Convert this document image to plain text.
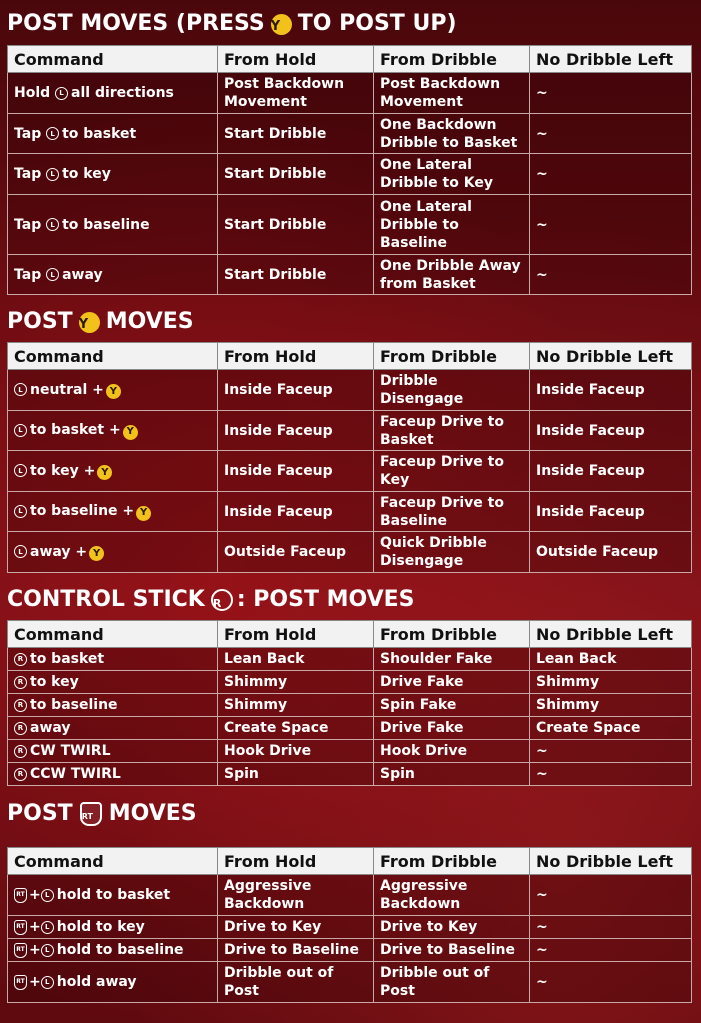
POST MOVES (PRESS Y TO POST UP)
Command	From Hold	From Dribble	No Dribble Left
Hold L all directions	Post Backdown Movement	Post Backdown Movement	~
Tap L to basket	Start Dribble	One Backdown Dribble to Basket	~
Tap L to key	Start Dribble	One Lateral Dribble to Key	~
Tap L to baseline	Start Dribble	One Lateral Dribble to Baseline	~
Tap L away	Start Dribble	One Dribble Away from Basket	~
POST Y MOVES
Command	From Hold	From Dribble	No Dribble Left
L neutral + Y	Inside Faceup	Dribble Disengage	Inside Faceup
L to basket + Y	Inside Faceup	Faceup Drive to Basket	Inside Faceup
L to key + Y	Inside Faceup	Faceup Drive to Key	Inside Faceup
L to baseline + Y	Inside Faceup	Faceup Drive to Baseline	Inside Faceup
L away + Y	Outside Faceup	Quick Dribble Disengage	Outside Faceup
CONTROL STICK R : POST MOVES
Command	From Hold	From Dribble	No Dribble Left
R to basket	Lean Back	Shoulder Fake	Lean Back
R to key	Shimmy	Drive Fake	Shimmy
R to baseline	Shimmy	Spin Fake	Shimmy
R away	Create Space	Drive Fake	Create Space
R CW TWIRL	Hook Drive	Hook Drive	~
R CCW TWIRL	Spin	Spin	~
POST RT MOVES
Command	From Hold	From Dribble	No Dribble Left
RT + L hold to basket	Aggressive Backdown	Aggressive Backdown	~
RT + L hold to key	Drive to Key	Drive to Key	~
RT + L hold to baseline	Drive to Baseline	Drive to Baseline	~
RT + L hold away	Dribble out of Post	Dribble out of Post	~
